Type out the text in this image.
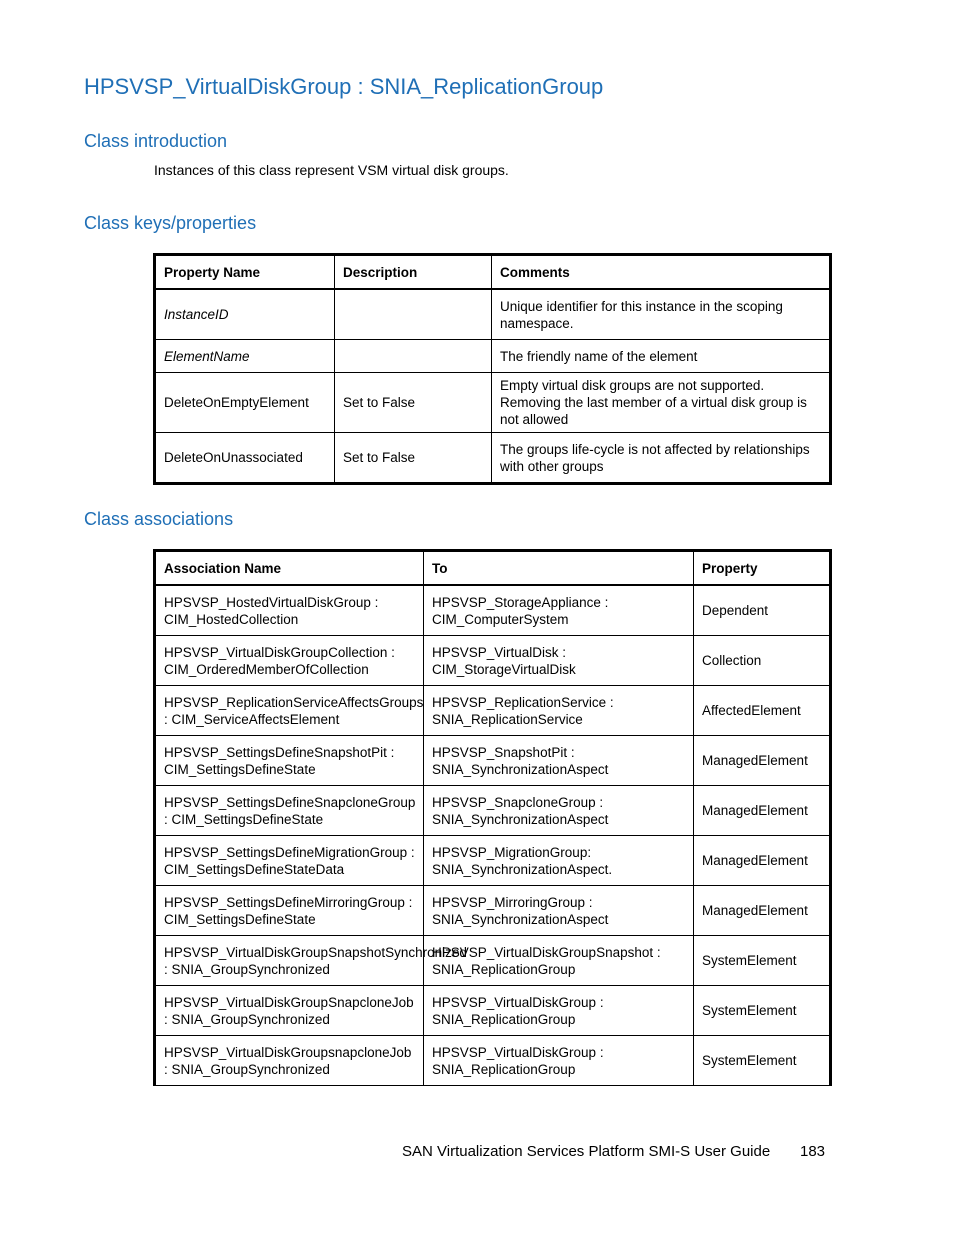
HPSVSP_VirtualDiskGroup : SNIA_ReplicationGroup
Class introduction

Instances of this class represent VSM virtual disk groups.

Class keys/properties
Property Name	Description	Comments
InstanceID		Unique identifier for this instance in the scoping namespace.
ElementName		The friendly name of the element
DeleteOnEmptyElement	Set to False	Empty virtual disk groups are not supported. Removing the last member of a virtual disk group is not allowed
DeleteOnUnassociated	Set to False	The groups life-cycle is not affected by relationships with other groups
Class associations
Association Name	To	Property
HPSVSP_HostedVirtualDiskGroup : CIM_HostedCollection	HPSVSP_StorageAppliance : CIM_ComputerSystem	Dependent
HPSVSP_VirtualDiskGroupCollection : CIM_OrderedMemberOfCollection	HPSVSP_VirtualDisk : CIM_StorageVirtualDisk	Collection
HPSVSP_ReplicationServiceAffectsGroups : CIM_ServiceAffectsElement	HPSVSP_ReplicationService : SNIA_ReplicationService	AffectedElement
HPSVSP_SettingsDefineSnapshotPit : CIM_SettingsDefineState	HPSVSP_SnapshotPit : SNIA_SynchronizationAspect	ManagedElement
HPSVSP_SettingsDefineSnapcloneGroup : CIM_SettingsDefineState	HPSVSP_SnapcloneGroup : SNIA_SynchronizationAspect	ManagedElement
HPSVSP_SettingsDefineMigrationGroup : CIM_SettingsDefineStateData	HPSVSP_MigrationGroup: SNIA_SynchronizationAspect.	ManagedElement
HPSVSP_SettingsDefineMirroringGroup : CIM_SettingsDefineState	HPSVSP_MirroringGroup : SNIA_SynchronizationAspect	ManagedElement
HPSVSP_VirtualDiskGroupSnapshotSynchronized : SNIA_GroupSynchronized	HPSVSP_VirtualDiskGroupSnapshot : SNIA_ReplicationGroup	SystemElement
HPSVSP_VirtualDiskGroupSnapcloneJob : SNIA_GroupSynchronized	HPSVSP_VirtualDiskGroup : SNIA_ReplicationGroup	SystemElement
HPSVSP_VirtualDiskGroupsnapcloneJob : SNIA_GroupSynchronized	HPSVSP_VirtualDiskGroup : SNIA_ReplicationGroup	SystemElement
SAN Virtualization Services Platform SMI-S User Guide 183
